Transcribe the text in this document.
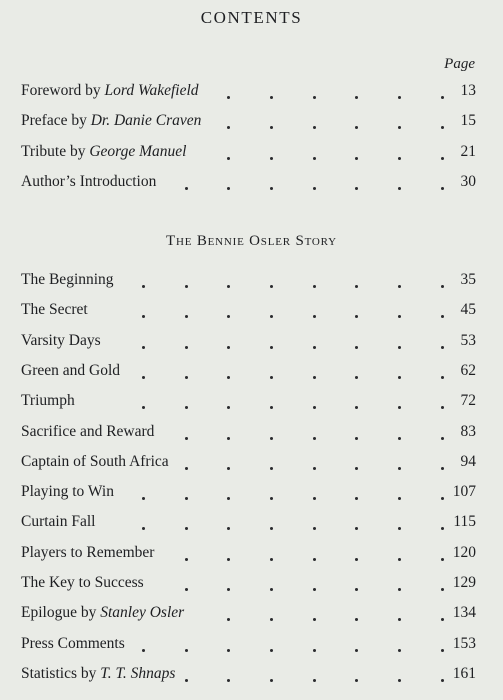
CONTENTS
Page
Foreword by Lord Wakefield	13
Preface by Dr. Danie Craven	15
Tribute by George Manuel	21
Author’s Introduction	30
The Bennie Osler Story
The Beginning	35
The Secret	45
Varsity Days	53
Green and Gold	62
Triumph	72
Sacrifice and Reward	83
Captain of South Africa	94
Playing to Win	107
Curtain Fall	115
Players to Remember	120
The Key to Success	129
Epilogue by Stanley Osler	134
Press Comments	153
Statistics by T. T. Shnaps	161
